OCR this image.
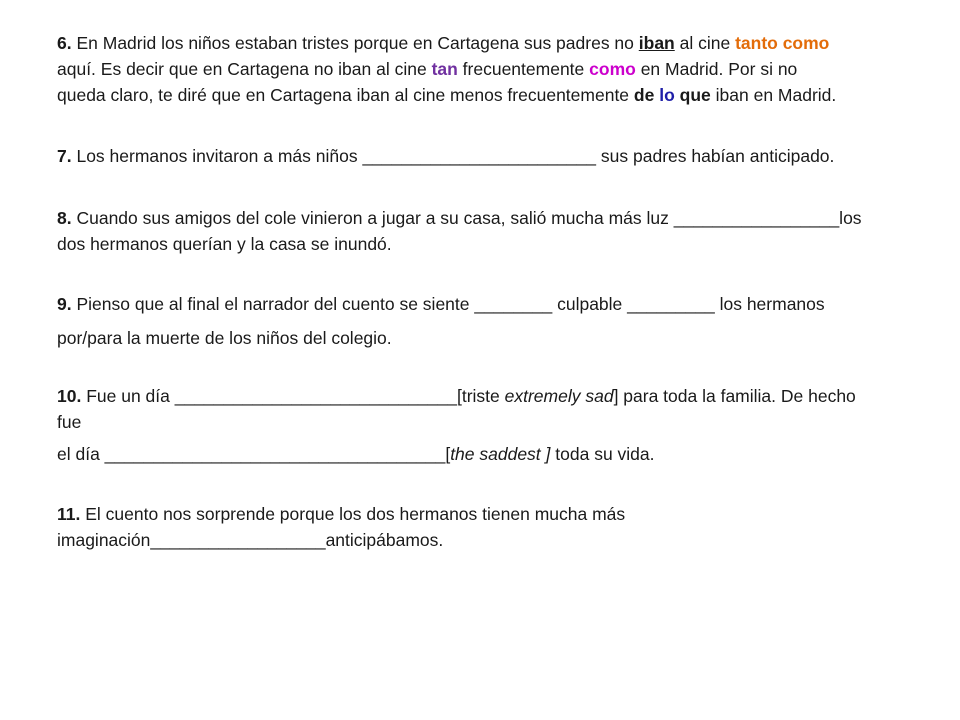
6. En Madrid los niños estaban tristes porque en Cartagena sus padres no iban al cine tanto como
aquí. Es decir que en Cartagena no iban al cine tan frecuentemente como en Madrid. Por si no
queda claro, te diré que en Cartagena iban al cine menos frecuentemente de lo que iban en Madrid.
7. Los hermanos invitaron a más niños ________________________ sus padres habían anticipado.
8. Cuando sus amigos del cole vinieron a jugar a su casa, salió mucha más luz _________________los
dos hermanos querían y la casa se inundó.
9. Pienso que al final el narrador del cuento se siente ________ culpable _________ los hermanos
por/para la muerte de los niños del colegio.
10. Fue un día _____________________________[triste extremely sad] para toda la familia. De hecho
fue
el día ___________________________________[the saddest ] toda su vida.
11. El cuento nos sorprende porque los dos hermanos tienen mucha más
imaginación__________________anticipábamos.
